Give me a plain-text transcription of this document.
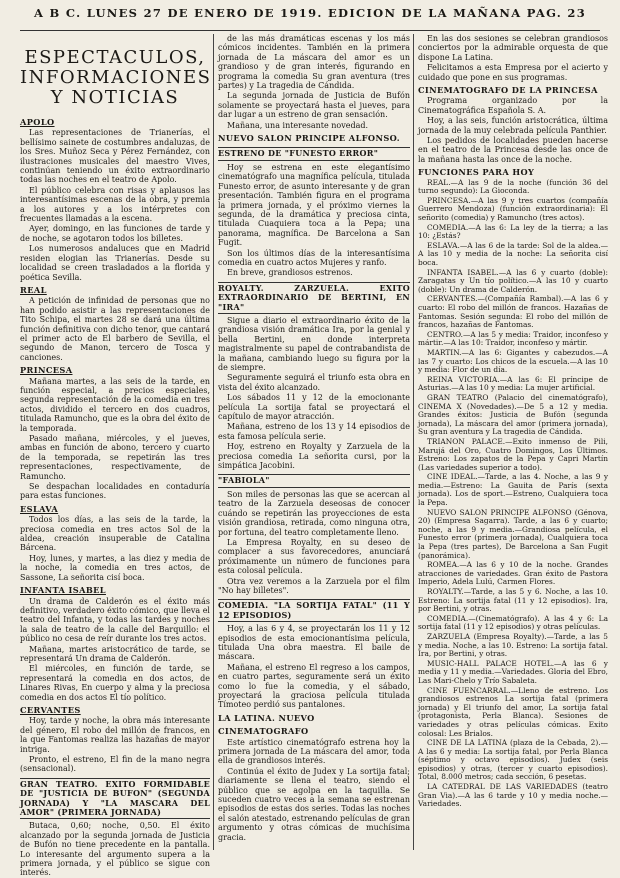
A B C. LUNES 27 DE ENERO DE 1919. EDICION DE LA MAÑANA PAG. 23
ESPECTACULOS,
INFORMACIONES
Y NOTICIAS
APOLO

Las representaciones de Trianerías, el bellísimo sainete de costumbres andaluzas, de los Sres. Muñoz Seca y Pérez Fernández, con ilustraciones musicales del maestro Vives, continúan teniendo un éxito extraordinario todas las noches en el teatro de Apolo.

El público celebra con risas y aplausos las interesantísimas escenas de la obra, y premia a los autores y a los intérpretes con frecuentes llamadas a la escena.

Ayer, domingo, en las funciones de tarde y de noche, se agotaron todos los billetes.

Los numerosos andaluces que en Madrid residen elogian las Trianerías. Desde su localidad se creen trasladados a la florida y poética Sevilla.

REAL

A petición de infinidad de personas que no han podido asistir a las representaciones de Tito Schipa, el martes 28 se dará una última función definitiva con dicho tenor, que cantará el primer acto de El barbero de Sevilla, el segundo de Manon, tercero de Tosca y canciones.

PRINCESA

Mañana martes, a las seis de la tarde, en función especial, a precios especiales, segunda representación de la comedia en tres actos, dividido el tercero en dos cuadros, titulada Ramuncho, que es la obra del éxito de la temporada.

Pasado mañana, miércoles, y el jueves, ambas en función de abono, tercero y cuarto de la temporada, se repetirán las tres representaciones, respectivamente, de Ramuncho.

Se despachan localidades en contaduría para estas funciones.

ESLAVA

Todos los días, a las seis de la tarde, la preciosa comedia en tres actos Sol de la aldea, creación insuperable de Catalina Bárcena.

Hoy, lunes, y martes, a las diez y media de la noche, la comedia en tres actos, de Sassone, La señorita cisí boca.

INFANTA ISABEL

Un drama de Calderón es el éxito más definitivo, verdadero éxito cómico, que lleva el teatro del Infanta, y todas las tardes y noches la sala de teatro de la calle del Barquillo: el público no cesa de reír durante los tres actos.

Mañana, martes aristocrático de tarde, se representará Un drama de Calderón.

El miércoles, en función de tarde, se representará la comedia en dos actos, de Linares Rivas, En cuerpo y alma y la preciosa comedia en dos actos El tío político.

CERVANTES

Hoy, tarde y noche, la obra más interesante del género, El robo del millón de francos, en la que Fantomas realiza las hazañas de mayor intriga.

Pronto, el estreno, El fin de la mano negra (sensacional).

GRAN TEATRO. EXITO FORMIDABLE DE "JUSTICIA DE BUFON" (SEGUNDA JORNADA) Y "LA MASCARA DEL AMOR" (PRIMERA JORNADA)

Butaca, 0,60; noche, 0,50. El éxito alcanzado por la segunda jornada de Justicia de Bufón no tiene precedente en la pantalla. Lo interesante del argumento supera a la primera jornada, y el público se sigue con interés.

de las más dramáticas escenas y los más cómicos incidentes. También en la primera jornada de La máscara del amor es un grandioso y de gran interés, figurando en programa la comedia Su gran aventura (tres partes) y La tragedia de Cándida.

La segunda jornada de Justicia de Bufón solamente se proyectará hasta el jueves, para dar lugar a un estreno de gran sensación.

Mañana, una interesante novedad.

NUEVO SALON PRINCIPE ALFONSO.
ESTRENO DE "FUNESTO ERROR"

Hoy se estrena en este elegantísimo cinematógrafo una magnífica película, titulada Funesto error, de asunto interesante y de gran presentación. También figura en el programa la primera jornada, y el próximo viernes la segunda, de la dramática y preciosa cinta, titulada Cuaquiera toca a la Pepa; una panorama, magnífica. De Barcelona a San Fugit.

Son los últimos días de la interesantísima comedia en cuatro actos Mujeres y ranfo.

En breve, grandiosos estrenos.

ROYALTY. ZARZUELA. EXITO EXTRAORDINARIO DE BERTINI, EN "IRA"

Sigue a diario el extraordinario éxito de la grandiosa visión dramática Ira, por la genial y bella Bertini, en donde interpreta magistralmente su papel de contrabandista de la mañana, cambiando luego su figura por la de siempre.

Seguramente seguirá el triunfo esta obra en vista del éxito alcanzado.

Los sábados 11 y 12 de la emocionante película La sortija fatal se proyectará el capítulo de mayor atracción.

Mañana, estreno de los 13 y 14 episodios de esta famosa película serie.

Hoy, estreno en Royalty y Zarzuela de la preciosa comedia La señorita cursi, por la simpática Jacobini.

"FABIOLA"

Son miles de personas las que se acercan al teatro de la Zarzuela deseosas de conocer cuándo se repetirán las proyecciones de esta visión grandiosa, retirada, como ninguna otra, por fortuna, del teatro completamente lleno.

La Empresa Royalty, en su deseo de complacer a sus favorecedores, anunciará próximamente un número de funciones para esta colosal película.

Otra vez veremos a la Zarzuela por el film "No hay billetes".

COMEDIA. "LA SORTIJA FATAL" (11 Y 12 EPISODIOS)

Hoy, a las 6 y 4, se proyectarán los 11 y 12 episodios de esta emocionantísima película, titulada Una obra maestra. El baile de máscara.

Mañana, el estreno El regreso a los campos, en cuatro partes, seguramente será un éxito como lo fue la comedia, y el sábado, proyectará la graciosa película titulada Tímoteo perdió sus pantalones.

LA LATINA. NUEVO
CINEMATOGRAFO

Este artístico cinematógrafo estrena hoy la primera jornada de La máscara del amor, toda ella de grandiosos interés.

Continúa el éxito de Judex y La sortija fatal; diariamente se llena el teatro, siendo el público que se agolpa en la taquilla. Se suceden cuatro veces a la semana se estrenan episodios de estas dos series. Todas las noches el salón atestado, estrenando películas de gran argumento y otras cómicas de muchísima gracia.

En las dos sesiones se celebran grandiosos conciertos por la admirable orquesta de que dispone La Latina.

Felicitamos a esta Empresa por el acierto y cuidado que pone en sus programas.

CINEMATOGRAFO DE LA PRINCESA

Programa organizado por la Cinematográfica Española S. A.

Hoy, a las seis, función aristocrática, última jornada de la muy celebrada película Panthier.

Los pedidos de localidades pueden hacerse en el teatro de la Princesa desde las once de la mañana hasta las once de la noche.

FUNCIONES PARA HOY

REAL.—A las 9 de la noche (función 36 del turno segundo): La Gioconda.

PRINCESA.—A las 9 y tres cuartos (compañía Guerrero Mendoza) (función extraordinaria): El señorito (comedia) y Ramuncho (tres actos).

COMEDIA.—A las 6: La ley de la tierra; a las 10: ¿Estás?

ESLAVA.—A las 6 de la tarde: Sol de la aldea.—A las 10 y media de la noche: La señorita cisí boca.

INFANTA ISABEL.—A las 6 y cuarto (doble): Zaragatas y Un tío político.—A las 10 y cuarto (doble): Un drama de Calderón.

CERVANTES.—(Compañía Rambal).—A las 6 y cuarto: El robo del millón de francos. Hazañas de Fantomas. Sesión segunda: El robo del millón de francos, hazañas de Fantomas.

CENTRO.—A las 5 y media: Traidor, inconfeso y mártir.—A las 10: Traidor, inconfeso y mártir.

MARTIN.—A las 6: Gigantes y cabezudos.—A las 7 y cuarto: Los chicos de la escuela.—A las 10 y media: Flor de un día.

REINA VICTORIA.—A las 6: El príncipe de Asturias.—A las 10 y media: La mujer artificial.

GRAN TEATRO (Palacio del cinematógrafo), CINEMA X (Novedades).—De 5 a 12 y media. Grandes éxitos: Justicia de Bufón (segunda jornada), La máscara del amor (primera jornada), Su gran aventura y La tragedia de Cándida.

TRIANON PALACE.—Exito inmenso de Pili, Marujá del Oro, Cuatro Domingos, Los Últimos. Estreno: Los zapatos de la Pepa y Capri Martín (Las variedades superior a todo).

CINE IDEAL.—Tarde, a las 4. Noche, a las 9 y media.—Estreno: La Gauita de París (sexta jornada). Los de sport.—Estreno, Cualquiera toca la Pepa.

NUEVO SALON PRINCIPE ALFONSO (Génova, 20) (Empresa Sagarra). Tarde, a las 6 y cuarto; noche, a las 9 y media.—Grandiosa película, el Funesto error (primera jornada), Cualquiera toca la Pepa (tres partes), De Barcelona a San Fugit (panorámica).

ROMEA.—A las 6 y 10 de la noche. Grandes atracciones de variedades. Gran éxito de Pastora Imperio, Adela Lulú, Carmen Flores.

ROYALTY.—Tarde, a las 5 y 6. Noche, a las 10. Estreno: La sortija fatal (11 y 12 episodios). Ira, por Bertini, y otras.

COMEDIA.—(Cinematógrafo). A las 4 y 6: La sortija fatal (11 y 12 episodios) y otras películas.

ZARZUELA (Empresa Royalty).—Tarde, a las 5 y media. Noche, a las 10. Estreno: La sortija fatal. Ira, por Bertini, y otras.

MUSIC-HALL PALACE HOTEL.—A las 6 y media y 11 y media.—Variedades. Gloria del Ebro, Las Mari-Chelo y Trío Sabaleta.

CINE FUENCARRAL.—Lleno de estreno. Los grandiosos estrenos La sortija fatal (primera jornada) y El triunfo del amor, La sortija fatal (protagonista, Perla Blanca). Sesiones de variedades y otras películas cómicas. Exito colosal: Les Brialos.

CINE DE LA LATINA (plaza de la Cebada, 2).—A las 6 y media: La sortija fatal, por Perla Blanca (séptimo y octavo episodios). Judex (seis episodios) y otras, (tercer y cuarto episodios). Total, 8.000 metros; cada sección, 6 pesetas.

LA CATEDRAL DE LAS VARIEDADES (teatro Gran Via).—A las 6 tarde y 10 y media noche.—Variedades.
